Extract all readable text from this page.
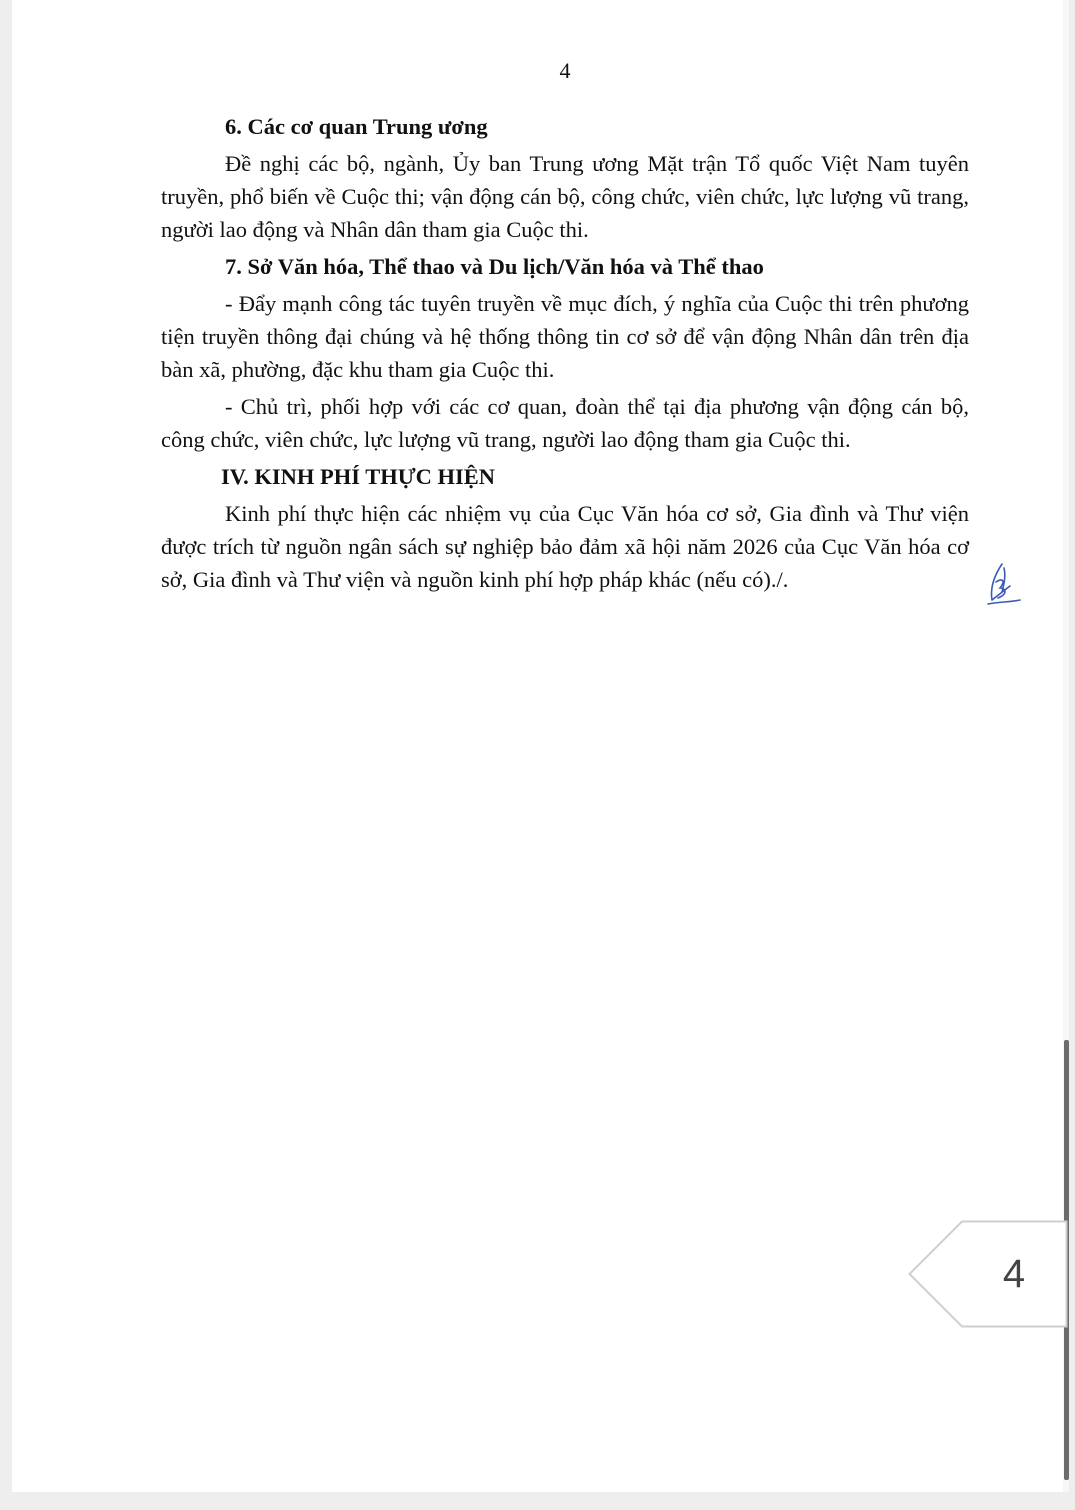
4
6. Các cơ quan Trung ương

Đề nghị các bộ, ngành, Ủy ban Trung ương Mặt trận Tổ quốc Việt Nam tuyên truyền, phổ biến về Cuộc thi; vận động cán bộ, công chức, viên chức, lực lượng vũ trang, người lao động và Nhân dân tham gia Cuộc thi.

7. Sở Văn hóa, Thể thao và Du lịch/Văn hóa và Thể thao

- Đẩy mạnh công tác tuyên truyền về mục đích, ý nghĩa của Cuộc thi trên phương tiện truyền thông đại chúng và hệ thống thông tin cơ sở để vận động Nhân dân trên địa bàn xã, phường, đặc khu tham gia Cuộc thi.

- Chủ trì, phối hợp với các cơ quan, đoàn thể tại địa phương vận động cán bộ, công chức, viên chức, lực lượng vũ trang, người lao động tham gia Cuộc thi.

IV. KINH PHÍ THỰC HIỆN

Kinh phí thực hiện các nhiệm vụ của Cục Văn hóa cơ sở, Gia đình và Thư viện được trích từ nguồn ngân sách sự nghiệp bảo đảm xã hội năm 2026 của Cục Văn hóa cơ sở, Gia đình và Thư viện và nguồn kinh phí hợp pháp khác (nếu có)./.

4
